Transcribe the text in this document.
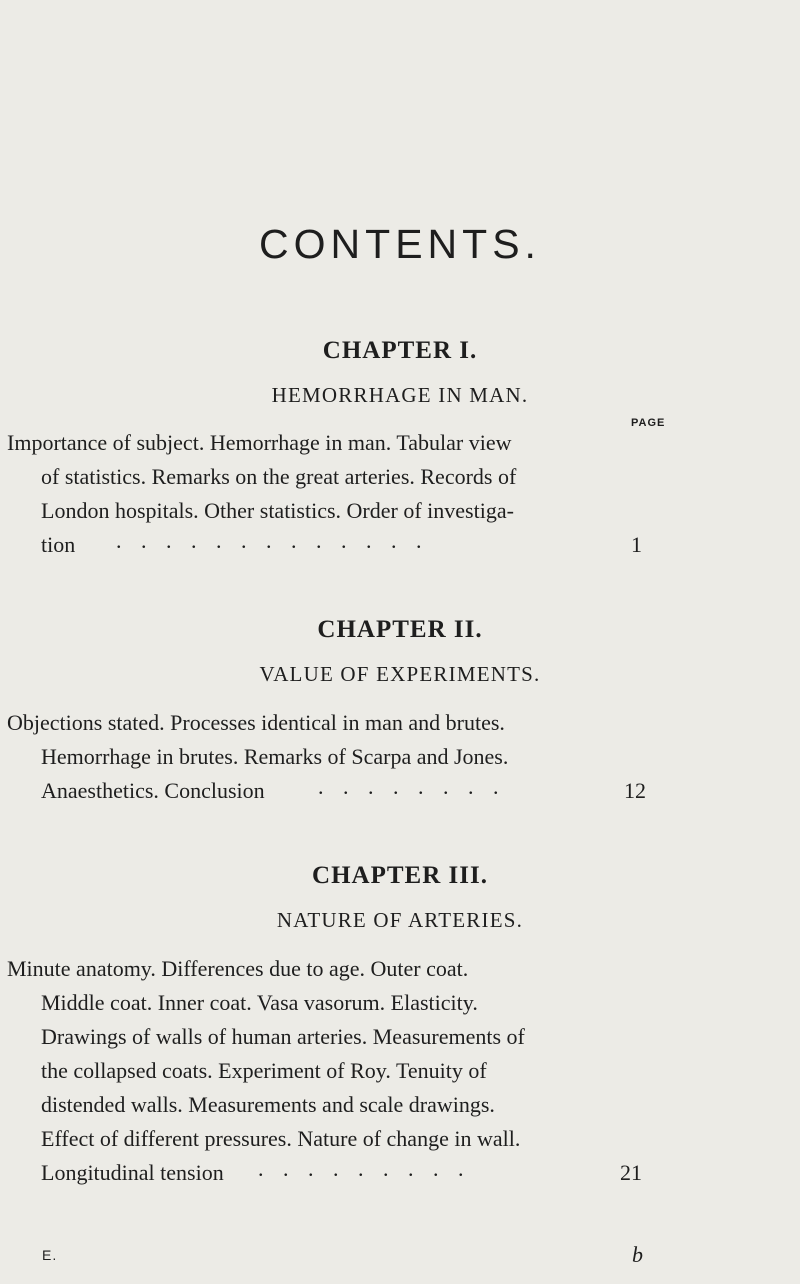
CONTENTS.
CHAPTER I.
HEMORRHAGE IN MAN.
PAGE
Importance of subject. Hemorrhage in man. Tabular view
of statistics. Remarks on the great arteries. Records of
London hospitals. Other statistics. Order of investiga-
tion . . . . . . . . . . . . .	1
CHAPTER II.
VALUE OF EXPERIMENTS.
Objections stated. Processes identical in man and brutes.
Hemorrhage in brutes. Remarks of Scarpa and Jones.
Anaesthetics. Conclusion . . . . . . . .	12
CHAPTER III.
NATURE OF ARTERIES.
Minute anatomy. Differences due to age. Outer coat.
Middle coat. Inner coat. Vasa vasorum. Elasticity.
Drawings of walls of human arteries. Measurements of
the collapsed coats. Experiment of Roy. Tenuity of
distended walls. Measurements and scale drawings.
Effect of different pressures. Nature of change in wall.
Longitudinal tension . . . . . . . . .	21
E.	b
